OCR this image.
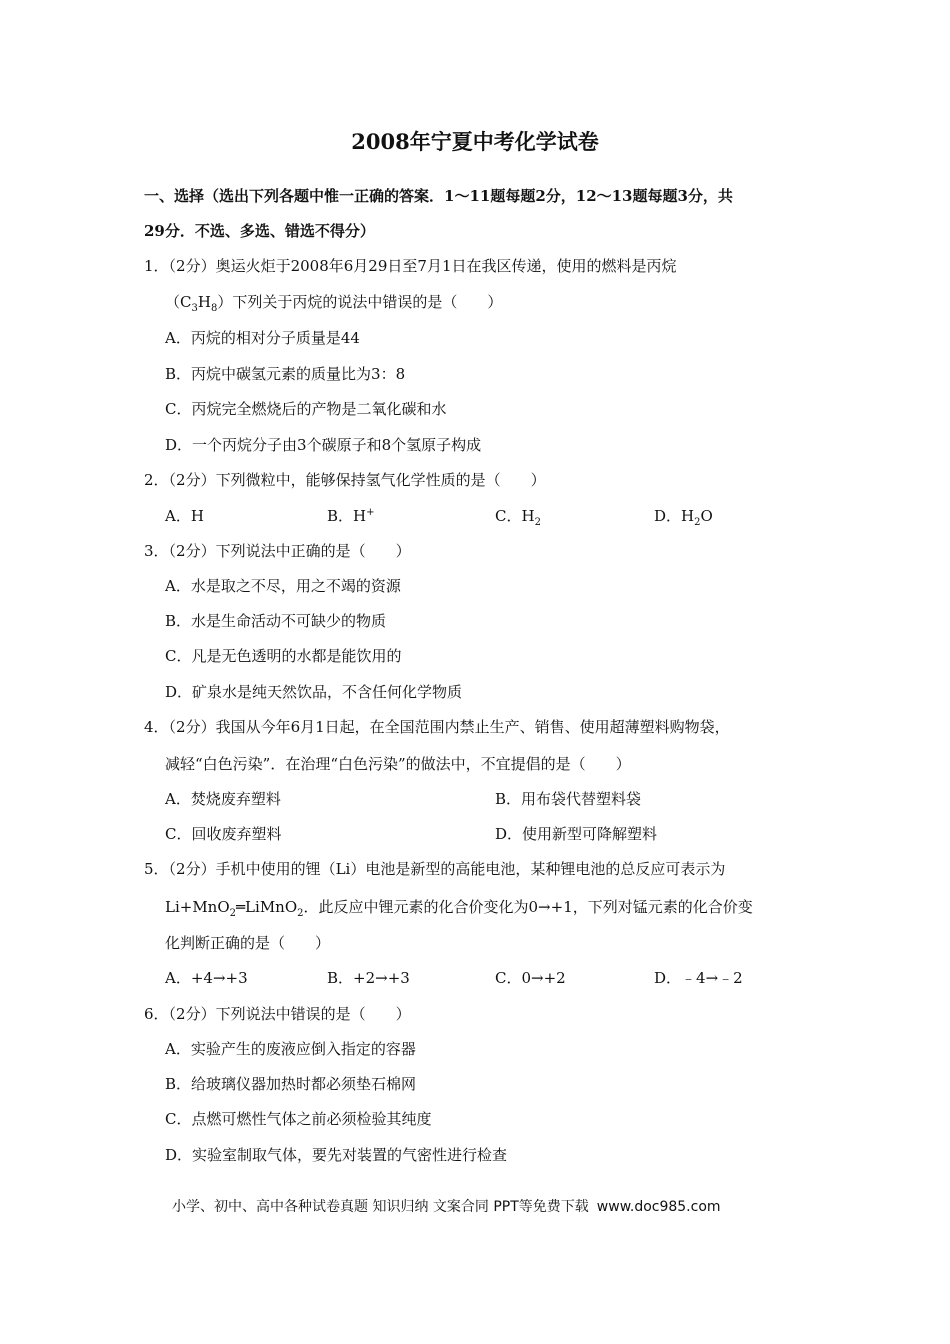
2008年宁夏中考化学试卷
一、选择（选出下列各题中惟一正确的答案．1～11题每题2分，12～13题每题3分，共
29分．不选、多选、错选不得分）
1．（2分）奥运火炬于2008年6月29日至7月1日在我区传递，使用的燃料是丙烷
$(C_3H_8)$下列关于丙烷的说法中错误的是（　　）
A．丙烷的相对分子质量是44
B．丙烷中碳氢元素的质量比为3：8
C．丙烷完全燃烧后的产物是二氧化碳和水
D．一个丙烷分子由3个碳原子和8个氢原子构成
2．（2分）下列微粒中，能够保持氢气化学性质的是（　　）
A．H	B．H+	C．$H_2$	D．$H_2O$
3．（2分）下列说法中正确的是（　　）
A．水是取之不尽，用之不竭的资源
B．水是生命活动不可缺少的物质
C．凡是无色透明的水都是能饮用的
D．矿泉水是纯天然饮品，不含任何化学物质
4．（2分）我国从今年6月1日起，在全国范围内禁止生产、销售、使用超薄塑料购物袋，
减轻“白色污染”．在治理“白色污染”的做法中，不宜提倡的是（　　）
A．焚烧废弃塑料	B．用布袋代替塑料袋
C．回收废弃塑料	D．使用新型可降解塑料
5．（2分）手机中使用的锂（Li）电池是新型的高能电池，某种锂电池的总反应可表示为
Li+MnO$_2$═LiMnO$_2$．此反应中锂元素的化合价变化为0→+1，下列对锰元素的化合价变
化判断正确的是（　　）
A．+4→+3	B．+2→+3	C．0→+2	D．﹣4→﹣2
6．（2分）下列说法中错误的是（　　）
A．实验产生的废液应倒入指定的容器
B．给玻璃仪器加热时都必须垫石棉网
C．点燃可燃性气体之前必须检验其纯度
D．实验室制取气体，要先对装置的气密性进行检查
小学、初中、高中各种试卷真题 知识归纳 文案合同 PPT等免费下载 www.doc985.com
